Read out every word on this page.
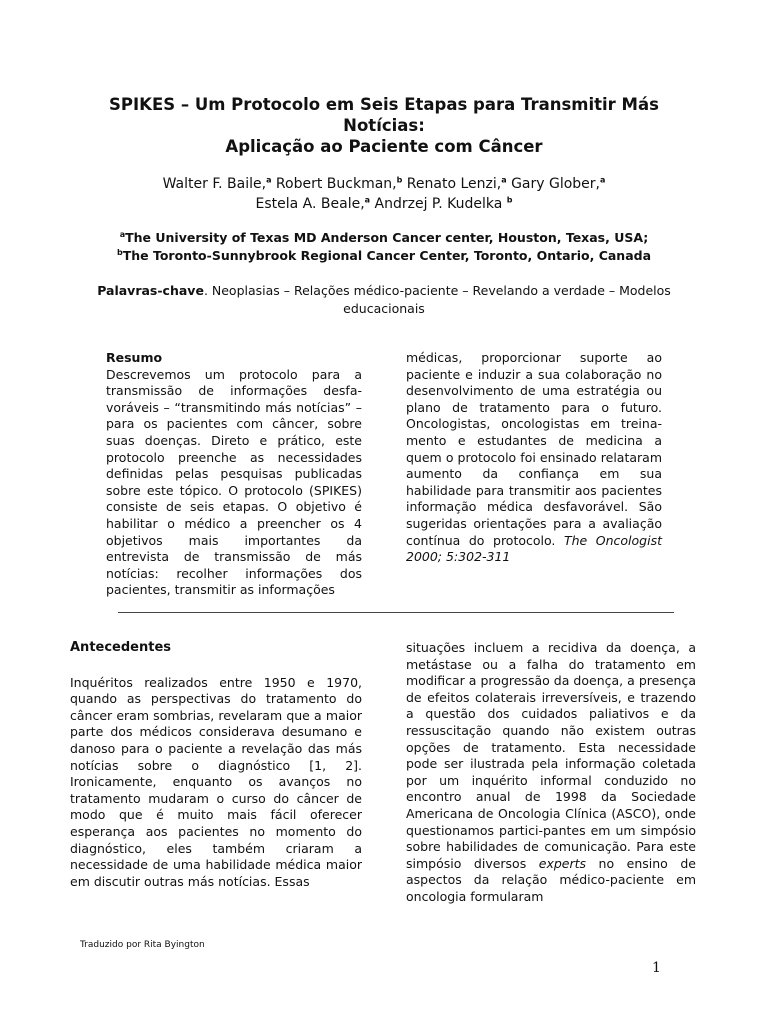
SPIKES – Um Protocolo em Seis Etapas para Transmitir Más
Notícias:
Aplicação ao Paciente com Câncer
Walter F. Baile,$^a$ Robert Buckman,$^b$ Renato Lenzi,$^a$ Gary Glober,$^a$
Estela A. Beale,$^a$ Andrzej P. Kudelka $^b$
$^a$The University of Texas MD Anderson Cancer center, Houston, Texas, USA;
$^b$The Toronto-Sunnybrook Regional Cancer Center, Toronto, Ontario, Canada
Palavras-chave. Neoplasias – Relações médico-paciente – Revelando a verdade – Modelos educacionais
Resumo
Descrevemos um protocolo para a transmissão de informações desfa-voráveis – “transmitindo más notícias” – para os pacientes com câncer, sobre suas doenças. Direto e prático, este protocolo preenche as necessidades definidas pelas pesquisas publicadas sobre este tópico. O protocolo (SPIKES) consiste de seis etapas. O objetivo é habilitar o médico a preencher os 4 objetivos mais importantes da entrevista de transmissão de más notícias: recolher informações dos pacientes, transmitir as informações
médicas, proporcionar suporte ao paciente e induzir a sua colaboração no desenvolvimento de uma estratégia ou plano de tratamento para o futuro. Oncologistas, oncologistas em treina-mento e estudantes de medicina a quem o protocolo foi ensinado relataram aumento da confiança em sua habilidade para transmitir aos pacientes informação médica desfavorável. São sugeridas orientações para a avaliação contínua do protocolo. The Oncologist 2000; 5:302-311
Antecedentes
Inquéritos realizados entre 1950 e 1970, quando as perspectivas do tratamento do câncer eram sombrias, revelaram que a maior parte dos médicos considerava desumano e danoso para o paciente a revelação das más notícias sobre o diagnóstico [1, 2]. Ironicamente, enquanto os avanços no tratamento mudaram o curso do câncer de modo que é muito mais fácil oferecer esperança aos pacientes no momento do diagnóstico, eles também criaram a necessidade de uma habilidade médica maior em discutir outras más notícias. Essas
situações incluem a recidiva da doença, a metástase ou a falha do tratamento em modificar a progressão da doença, a presença de efeitos colaterais irreversíveis, e trazendo a questão dos cuidados paliativos e da ressuscitação quando não existem outras opções de tratamento. Esta necessidade pode ser ilustrada pela informação coletada por um inquérito informal conduzido no encontro anual de 1998 da Sociedade Americana de Oncologia Clínica (ASCO), onde questionamos partici-pantes em um simpósio sobre habilidades de comunicação. Para este simpósio diversos experts no ensino de aspectos da relação médico-paciente em oncologia formularam
Traduzido por Rita Byington
1
